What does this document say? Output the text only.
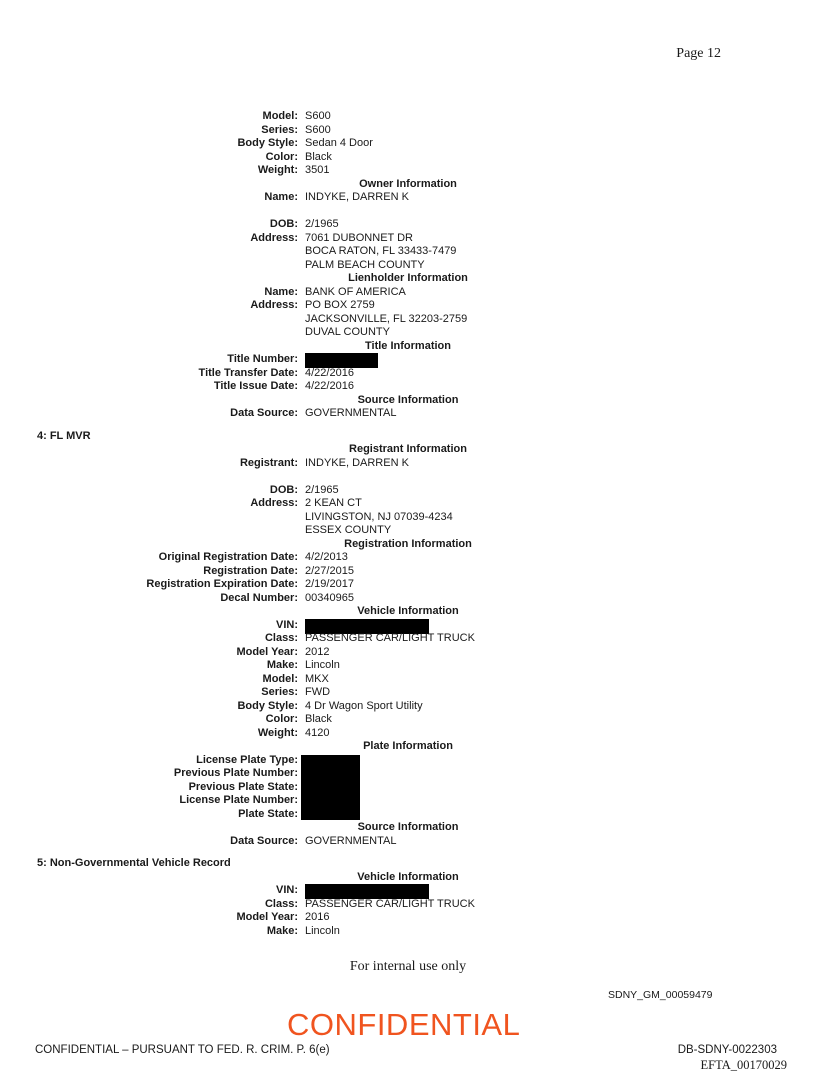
Page 12
Model: S600
Series: S600
Body Style: Sedan 4 Door
Color: Black
Weight: 3501
Owner Information
Name: INDYKE, DARREN K
DOB: 2/1965
Address: 7061 DUBONNET DR
BOCA RATON, FL 33433-7479
PALM BEACH COUNTY
Lienholder Information
Name: BANK OF AMERICA
Address: PO BOX 2759
JACKSONVILLE, FL 32203-2759
DUVAL COUNTY
Title Information
Title Number:
Title Transfer Date: 4/22/2016
Title Issue Date: 4/22/2016
Source Information
Data Source: GOVERNMENTAL
4: FL MVR
Registrant Information
Registrant: INDYKE, DARREN K
DOB: 2/1965
Address: 2 KEAN CT
LIVINGSTON, NJ 07039-4234
ESSEX COUNTY
Registration Information
Original Registration Date: 4/2/2013
Registration Date: 2/27/2015
Registration Expiration Date: 2/19/2017
Decal Number: 00340965
Vehicle Information
VIN:
Class: PASSENGER CAR/LIGHT TRUCK
Model Year: 2012
Make: Lincoln
Model: MKX
Series: FWD
Body Style: 4 Dr Wagon Sport Utility
Color: Black
Weight: 4120
Plate Information
License Plate Type:
Previous Plate Number:
Previous Plate State:
License Plate Number:
Plate State:
Source Information
Data Source: GOVERNMENTAL
5: Non-Governmental Vehicle Record
Vehicle Information
VIN:
Class: PASSENGER CAR/LIGHT TRUCK
Model Year: 2016
Make: Lincoln
For internal use only
SDNY_GM_00059479
CONFIDENTIAL
CONFIDENTIAL – PURSUANT TO FED. R. CRIM. P. 6(e)	DB-SDNY-0022303
EFTA_00170029
